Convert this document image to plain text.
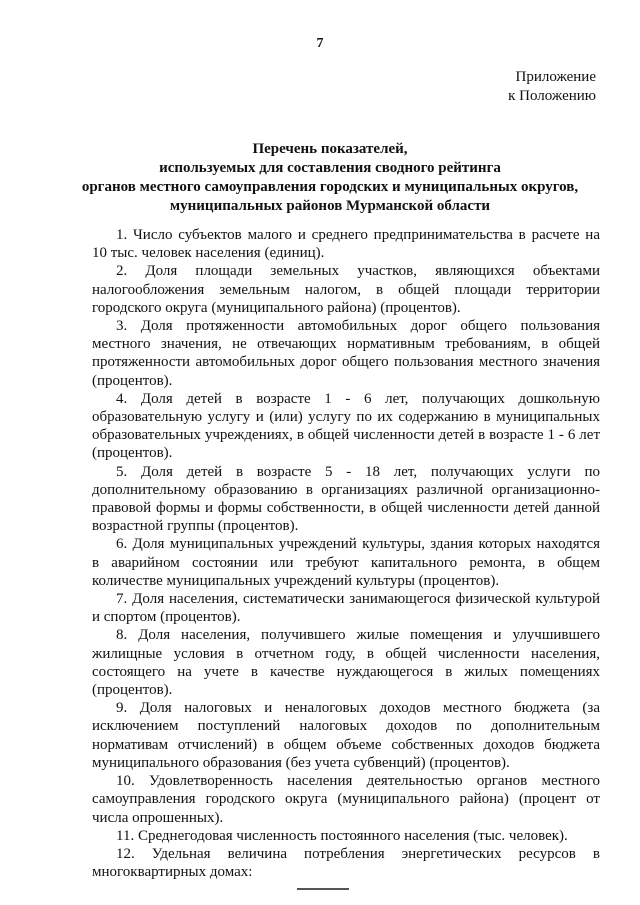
7
Приложение
к Положению
Перечень показателей,
используемых для составления сводного рейтинга
органов местного самоуправления городских и муниципальных округов,
муниципальных районов Мурманской области

1. Число субъектов малого и среднего предпринимательства в расчете на 10 тыс. человек населения (единиц).

2. Доля площади земельных участков, являющихся объектами налогообложения земельным налогом, в общей площади территории городского округа (муниципального района) (процентов).

3. Доля протяженности автомобильных дорог общего пользования местного значения, не отвечающих нормативным требованиям, в общей протяженности автомобильных дорог общего пользования местного значения (процентов).

4. Доля детей в возрасте 1 - 6 лет, получающих дошкольную образовательную услугу и (или) услугу по их содержанию в муниципальных образовательных учреждениях, в общей численности детей в возрасте 1 - 6 лет (процентов).

5. Доля детей в возрасте 5 - 18 лет, получающих услуги по дополнительному образованию в организациях различной организационно-правовой формы и формы собственности, в общей численности детей данной возрастной группы (процентов).

6. Доля муниципальных учреждений культуры, здания которых находятся в аварийном состоянии или требуют капитального ремонта, в общем количестве муниципальных учреждений культуры (процентов).

7. Доля населения, систематически занимающегося физической культурой и спортом (процентов).

8. Доля населения, получившего жилые помещения и улучшившего жилищные условия в отчетном году, в общей численности населения, состоящего на учете в качестве нуждающегося в жилых помещениях (процентов).

9. Доля налоговых и неналоговых доходов местного бюджета (за исключением поступлений налоговых доходов по дополнительным нормативам отчислений) в общем объеме собственных доходов бюджета муниципального образования (без учета субвенций) (процентов).

10. Удовлетворенность населения деятельностью органов местного самоуправления городского округа (муниципального района) (процент от числа опрошенных).

11. Среднегодовая численность постоянного населения (тыс. человек).

12. Удельная величина потребления энергетических ресурсов в многоквартирных домах:
